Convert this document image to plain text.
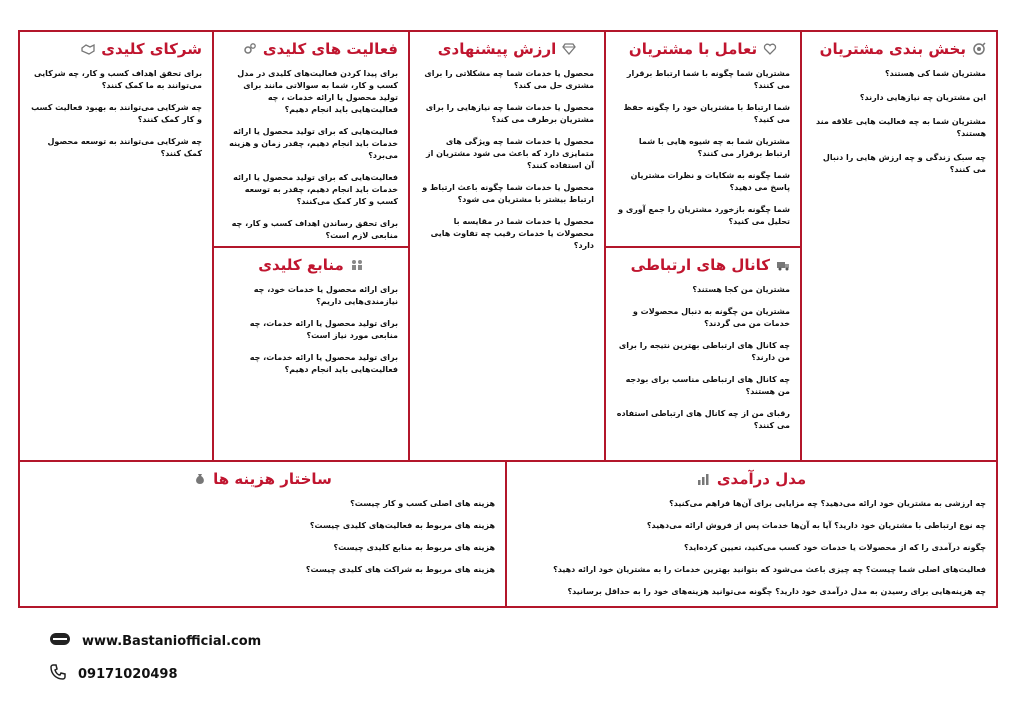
بخش بندی مشتریان
مشتریان شما کی هستند؟
این مشتریان چه نیازهایی دارند؟
مشتریان شما به چه فعالیت هایی علاقه مند هستند؟
چه سبک زندگی و چه ارزش هایی را دنبال می کنند؟
تعامل با مشتریان
مشتریان شما چگونه با شما ارتباط برقرار می کنند؟
شما ارتباط با مشتریان خود را چگونه حفظ می کنید؟
مشتریان شما به چه شیوه هایی با شما ارتباط برقرار می کنند؟
شما چگونه به شکایات و نظرات مشتریان پاسخ می دهید؟
شما چگونه بازخورد مشتریان را جمع آوری و تحلیل می کنید؟
کانال های ارتباطی
مشتریان من کجا هستند؟
مشتریان من چگونه به دنبال محصولات و خدمات من می گردند؟
چه کانال های ارتباطی بهترین نتیجه را برای من دارند؟
چه کانال های ارتباطی مناسب برای بودجه من هستند؟
رقبای من از چه کانال های ارتباطی استفاده می کنند؟
ارزش پیشنهادی
محصول یا خدمات شما چه مشکلاتی را برای مشتری حل می کند؟
محصول یا خدمات شما چه نیازهایی را برای مشتریان برطرف می کند؟
محصول یا خدمات شما چه ویژگی های متمایزی دارد که باعث می شود مشتریان از آن استفاده کنند؟
محصول یا خدمات شما چگونه باعث ارتباط و ارتباط بیشتر با مشتریان می شود؟
محصول یا خدمات شما در مقایسه با محصولات یا خدمات رقیب چه تفاوت هایی دارد؟
فعالیت های کلیدی
برای پیدا کردن فعالیت‌های کلیدی در مدل کسب و کار، شما به سوالاتی مانند برای تولید محصول یا ارائه خدمات ، چه فعالیت‌هایی باید انجام دهیم؟
فعالیت‌هایی که برای تولید محصول یا ارائه خدمات باید انجام دهیم، چقدر زمان و هزینه می‌برد؟
فعالیت‌هایی که برای تولید محصول یا ارائه خدمات باید انجام دهیم، چقدر به توسعه کسب و کار کمک می‌کنند؟
برای تحقق رساندن اهداف کسب و کار، چه منابعی لازم است؟
منابع کلیدی
برای ارائه محصول یا خدمات خود، چه نیازمندی‌هایی داریم؟
برای تولید محصول یا ارائه خدمات، چه منابعی مورد نیاز است؟
برای تولید محصول یا ارائه خدمات، چه فعالیت‌هایی باید انجام دهیم؟
شرکای کلیدی
برای تحقق اهداف کسب و کار، چه شرکایی می‌توانند به ما کمک کنند؟
چه شرکایی می‌توانند به بهبود فعالیت کسب و کار کمک کنند؟
چه شرکایی می‌توانند به توسعه محصول کمک کنند؟
مدل درآمدی
چه ارزشی به مشتریان خود ارائه می‌دهید؟ چه مزایایی برای آن‌ها فراهم می‌کنید؟
چه نوع ارتباطی با مشتریان خود دارید؟ آیا به آن‌ها خدمات پس از فروش ارائه می‌دهید؟
چگونه درآمدی را که از محصولات یا خدمات خود کسب می‌کنید، تعیین کرده‌اید؟
فعالیت‌های اصلی شما چیست؟ چه چیزی باعث می‌شود که بتوانید بهترین خدمات را به مشتریان خود ارائه دهید؟
چه هزینه‌هایی برای رسیدن به مدل درآمدی خود دارید؟ چگونه می‌توانید هزینه‌های خود را به حداقل برسانید؟
ساختار هزینه ها
هزینه های اصلی کسب و کار چیست؟
هزینه های مربوط به فعالیت‌های کلیدی چیست؟
هزینه های مربوط به منابع کلیدی چیست؟
هزینه های مربوط به شراکت های کلیدی چیست؟
www.Bastaniofficial.com
09171020498
